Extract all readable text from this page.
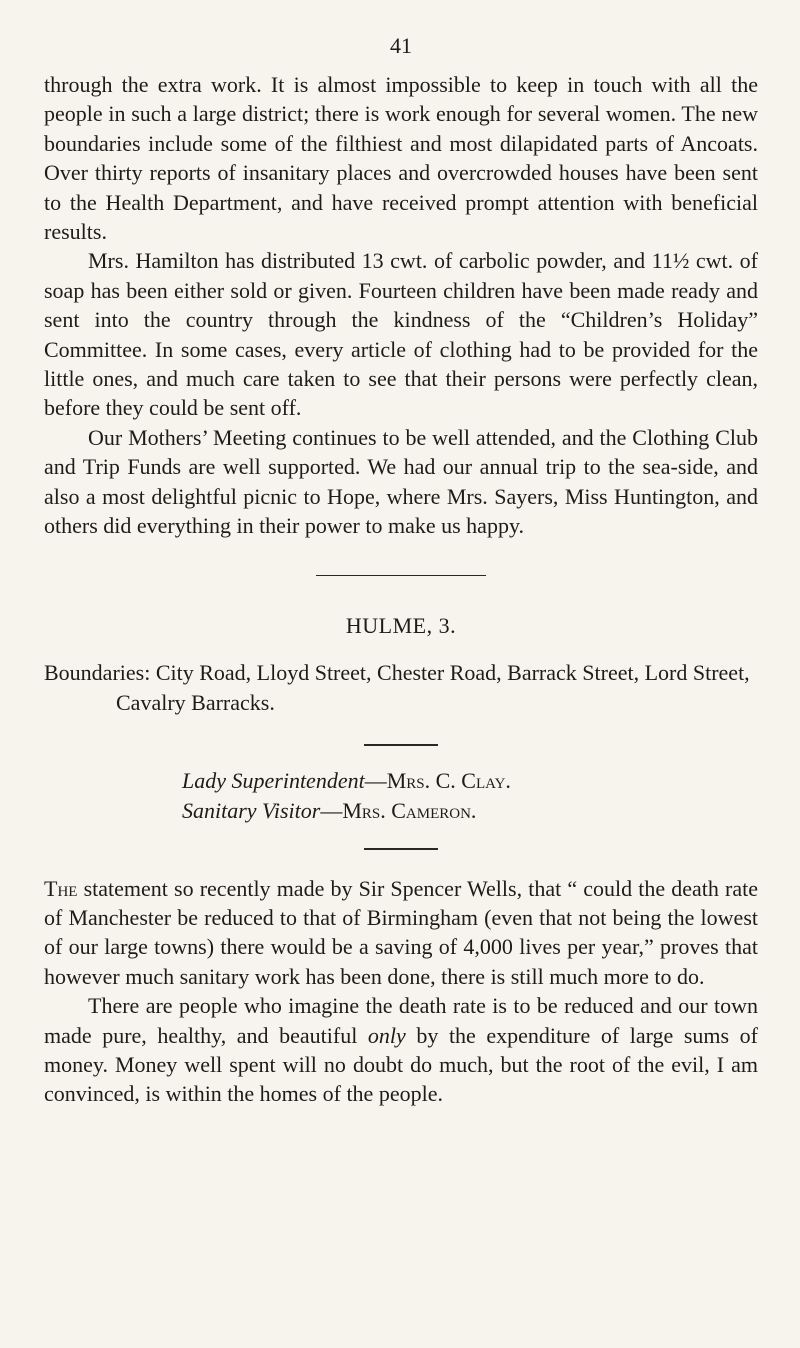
41

through the extra work. It is almost impossible to keep in touch with all the people in such a large district; there is work enough for several women. The new boundaries include some of the filthiest and most dilapidated parts of Ancoats. Over thirty reports of insanitary places and overcrowded houses have been sent to the Health Department, and have received prompt attention with beneficial results.

Mrs. Hamilton has distributed 13 cwt. of carbolic powder, and 11½ cwt. of soap has been either sold or given. Fourteen children have been made ready and sent into the country through the kindness of the “Children’s Holiday” Committee. In some cases, every article of clothing had to be provided for the little ones, and much care taken to see that their persons were perfectly clean, before they could be sent off.

Our Mothers’ Meeting continues to be well attended, and the Clothing Club and Trip Funds are well supported. We had our annual trip to the sea-side, and also a most delightful picnic to Hope, where Mrs. Sayers, Miss Huntington, and others did everything in their power to make us happy.

HULME, 3.

Boundaries: City Road, Lloyd Street, Chester Road, Barrack Street, Lord Street, Cavalry Barracks.

Lady Superintendent—Mrs. C. Clay.
Sanitary Visitor—Mrs. Cameron.

The statement so recently made by Sir Spencer Wells, that “ could the death rate of Manchester be reduced to that of Birmingham (even that not being the lowest of our large towns) there would be a saving of 4,000 lives per year,” proves that however much sanitary work has been done, there is still much more to do.

There are people who imagine the death rate is to be reduced and our town made pure, healthy, and beautiful only by the expenditure of large sums of money. Money well spent will no doubt do much, but the root of the evil, I am convinced, is within the homes of the people.
